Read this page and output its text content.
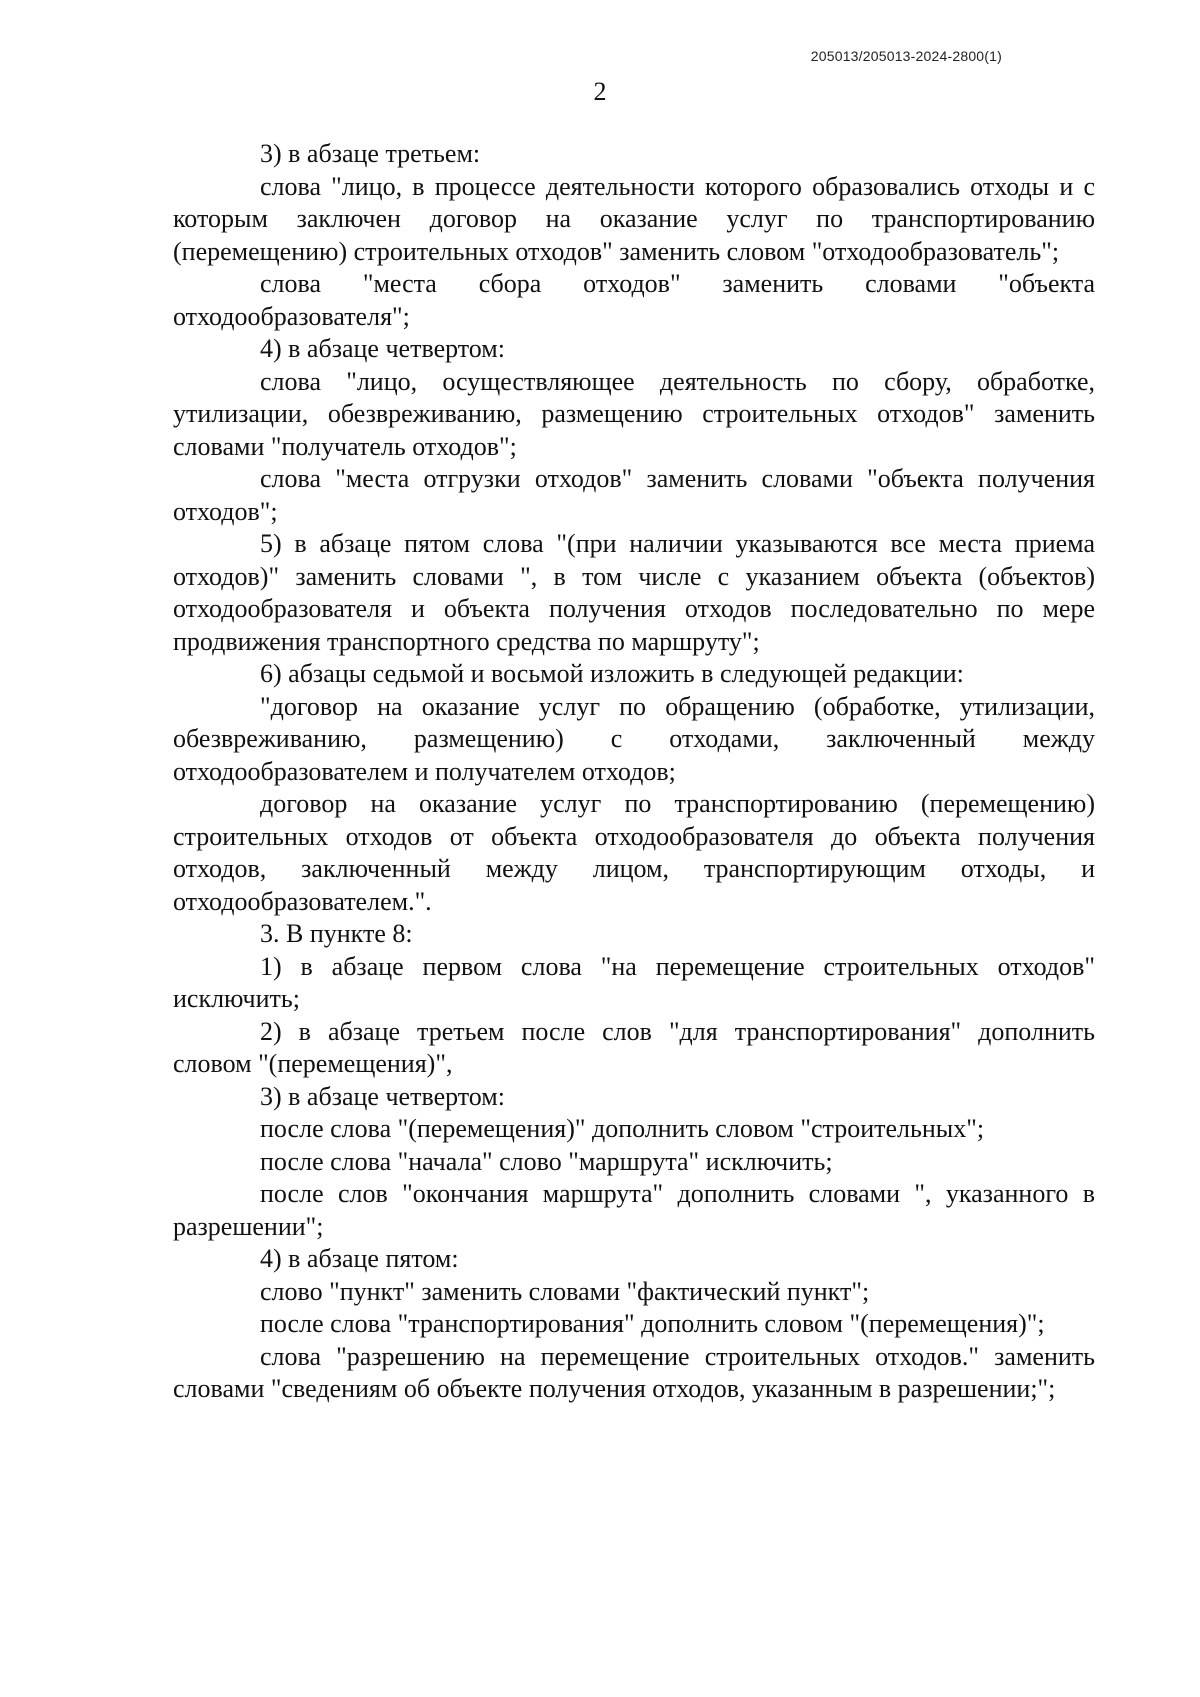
205013/205013-2024-2800(1)
2

3) в абзаце третьем:

слова "лицо, в процессе деятельности которого образовались отходы и с которым заключен договор на оказание услуг по транспортированию (перемещению) строительных отходов" заменить словом "отходообразователь";

слова "места сбора отходов" заменить словами "объекта отходообразователя";

4) в абзаце четвертом:

слова "лицо, осуществляющее деятельность по сбору, обработке, утилизации, обезвреживанию, размещению строительных отходов" заменить словами "получатель отходов";

слова "места отгрузки отходов" заменить словами "объекта получения отходов";

5) в абзаце пятом слова "(при наличии указываются все места приема отходов)" заменить словами ", в том числе с указанием объекта (объектов) отходообразователя и объекта получения отходов последовательно по мере продвижения транспортного средства по маршруту";

6) абзацы седьмой и восьмой изложить в следующей редакции:

"договор на оказание услуг по обращению (обработке, утилизации, обезвреживанию, размещению) с отходами, заключенный между отходообразователем и получателем отходов;

договор на оказание услуг по транспортированию (перемещению) строительных отходов от объекта отходообразователя до объекта получения отходов, заключенный между лицом, транспортирующим отходы, и отходообразователем.".

3. В пункте 8:

1) в абзаце первом слова "на перемещение строительных отходов" исключить;

2) в абзаце третьем после слов "для транспортирования" дополнить словом "(перемещения)",

3) в абзаце четвертом:

после слова "(перемещения)" дополнить словом "строительных";

после слова "начала" слово "маршрута" исключить;

после слов "окончания маршрута" дополнить словами ", указанного в разрешении";

4) в абзаце пятом:

слово "пункт" заменить словами "фактический пункт";

после слова "транспортирования" дополнить словом "(перемещения)";

слова "разрешению на перемещение строительных отходов." заменить словами "сведениям об объекте получения отходов, указанным в разрешении;";
